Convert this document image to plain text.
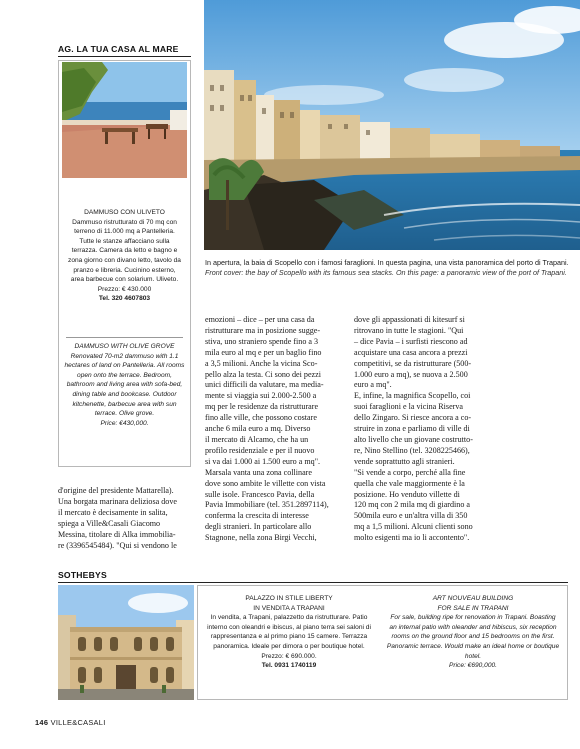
AG. LA TUA CASA AL MARE
DAMMUSO CON ULIVETO
Dammuso ristrutturato di 70 mq con terreno di 11.000 mq a Pantelleria. Tutte le stanze affacciano sulla terrazza. Camera da letto e bagno e zona giorno con divano letto, tavolo da pranzo e libreria. Cucinino esterno, area barbecue con solarium. Uliveto.
Prezzo: € 430.000
Tel. 320 4607803
DAMMUSO WITH OLIVE GROVE
Renovated 70-m2 dammuso with 1.1 hectares of land on Pantelleria. All rooms open onto the terrace. Bedroom, bathroom and living area with sofa-bed, dining table and bookcase. Outdoor kitchenette, barbecue area with sun terrace. Olive grove.
Price: €430,000.
In apertura, la baia di Scopello con i famosi faraglioni. In questa pagina, una vista panoramica del porto di Trapani.
Front cover: the bay of Scopello with its famous sea stacks. On this page: a panoramic view of the port of Trapani.

d'origine del presidente Mattarella).

Una borgata marinara deliziosa dove

il mercato è decisamente in salita,

spiega a Ville&Casali Giacomo

Messina, titolare di Alka immobilia-

re (3396545484). "Qui si vendono le

emozioni – dice – per una casa da

ristrutturare ma in posizione sugge-

stiva, uno straniero spende fino a 3

mila euro al mq e per un baglio fino

a 3,5 milioni. Anche la vicina Sco-

pello alza la testa. Ci sono dei pezzi

unici difficili da valutare, ma media-

mente si viaggia sui 2.000-2.500 a

mq per le residenze da ristrutturare

fino alle ville, che possono costare

anche 6 mila euro a mq. Diverso

il mercato di Alcamo, che ha un

profilo residenziale e per il nuovo

si va dai 1.000 ai 1.500 euro a mq".

Marsala vanta una zona collinare

dove sono ambite le villette con vista

sulle isole. Francesco Pavia, della

Pavia Immobiliare (tel. 351.2897114),

conferma la crescita di interesse

degli stranieri. In particolare allo

Stagnone, nella zona Birgi Vecchi,

dove gli appassionati di kitesurf si

ritrovano in tutte le stagioni. "Qui

– dice Pavia – i surfisti riescono ad

acquistare una casa ancora a prezzi

competitivi, se da ristrutturare (500-

1.000 euro a mq), se nuova a 2.500

euro a mq".

E, infine, la magnifica Scopello, coi

suoi faraglioni e la vicina Riserva

dello Zingaro. Si riesce ancora a co-

struire in zona e parliamo di ville di

alto livello che un giovane costrutto-

re, Nino Stellino (tel. 3208225466),

vende soprattutto agli stranieri.

"Si vende a corpo, perché alla fine

quella che vale maggiormente è la

posizione. Ho venduto villette di

120 mq con 2 mila mq di giardino a

500mila euro e un'altra villa di 350

mq a 1,5 milioni. Alcuni clienti sono

molto esigenti ma io li accontento".

SOTHEBYS
PALAZZO IN STILE LIBERTY
IN VENDITA A TRAPANI
In vendita, a Trapani, palazzetto da ristrutturare. Patio interno con oleandri e ibiscus, al piano terra sei saloni di rappresentanza e al primo piano 15 camere. Terrazza panoramica. Ideale per dimora o per boutique hotel. Prezzo: € 690.000.
Tel. 0931 1740119
ART NOUVEAU BUILDING
FOR SALE IN TRAPANI
For sale, building ripe for renovation in Trapani. Boasting an internal patio with oleander and hibiscus, six reception rooms on the ground floor and 15 bedrooms on the first. Panoramic terrace. Would make an ideal home or boutique hotel.
Price: €690,000.
146 VILLE&CASALI
